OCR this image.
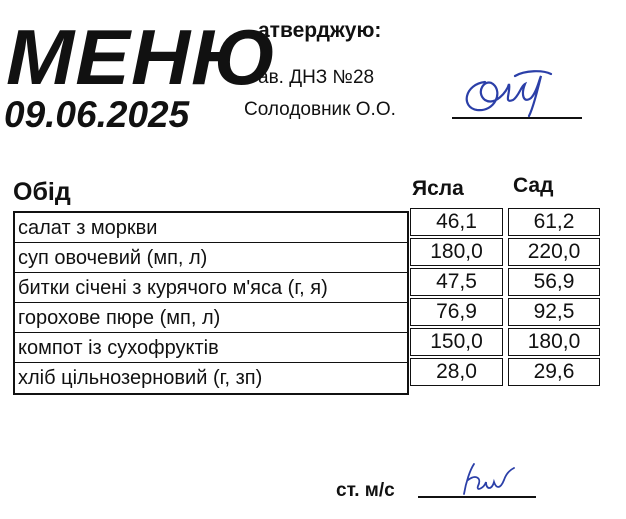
МЕНЮ
09.06.2025
атверджую:
ав. ДНЗ №28
Солодовник О.О.
Обід	Ясла Сад
салат з моркви
суп овочевий (мп, л)
битки січені з курячого м'яса (г, я)
горохове пюре (мп, л)
компот із сухофруктів
хліб цільнозерновий (г, зп)
46,1
180,0
47,5
76,9
150,0
28,0
61,2
220,0
56,9
92,5
180,0
29,6
ст. м/с
